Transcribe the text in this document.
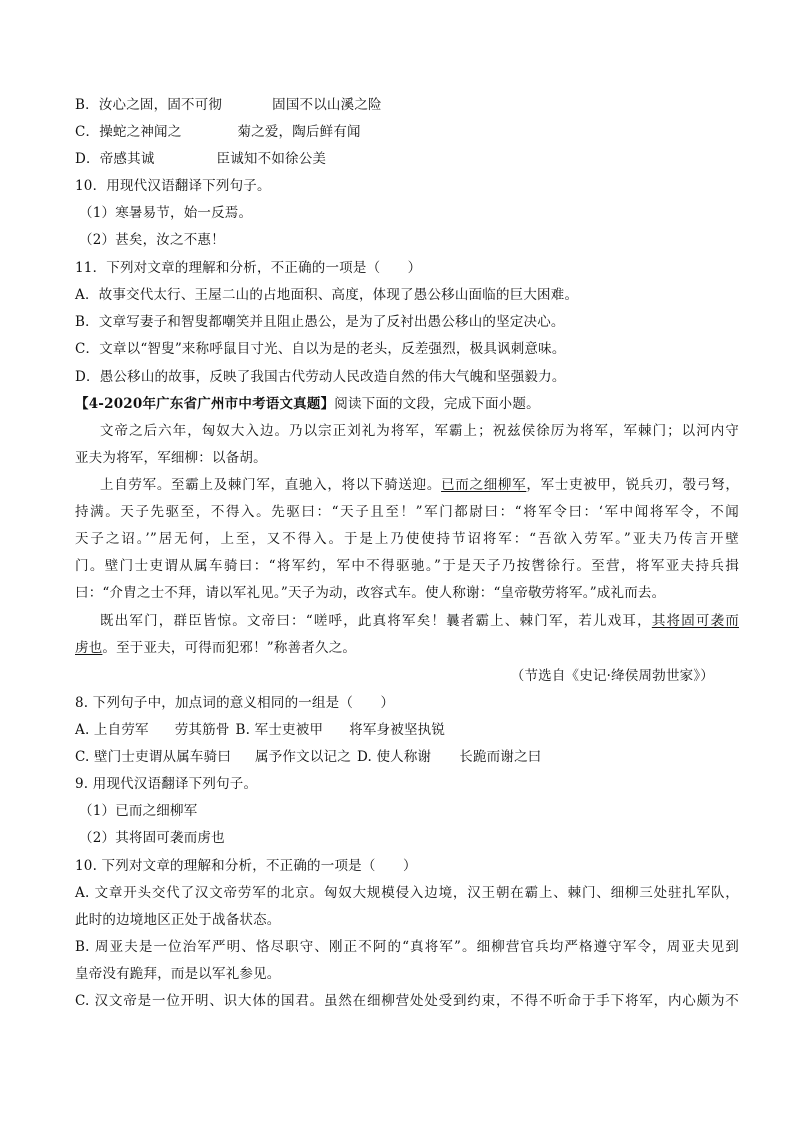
B．汝心之固，固不可彻	固国不以山溪之险
C．操蛇之神闻之	菊之爱，陶后鲜有闻
D．帝感其诚	臣诚知不如徐公美
10．用现代汉语翻译下列句子。
（1）寒暑易节，始一反焉。
（2）甚矣，汝之不惠！
11．下列对文章的理解和分析，不正确的一项是（　　）
A．故事交代太行、王屋二山的占地面积、高度，体现了愚公移山面临的巨大困难。
B．文章写妻子和智叟都嘲笑并且阻止愚公，是为了反衬出愚公移山的坚定决心。
C．文章以“智叟”来称呼鼠目寸光、自以为是的老头，反差强烈，极具讽刺意味。
D．愚公移山的故事，反映了我国古代劳动人民改造自然的伟大气魄和坚强毅力。
【4-2020年广东省广州市中考语文真题】阅读下面的文段，完成下面小题。
文帝之后六年，匈奴大入边。乃以宗正刘礼为将军，军霸上；祝兹侯徐厉为将军，军棘门；以河内守
亚夫为将军，军细柳：以备胡。
上自劳军。至霸上及棘门军，直驰入，将以下骑送迎。已而之细柳军，军士吏被甲，锐兵刃，彀弓弩，
持满。天子先驱至，不得入。先驱曰：“天子且至！”军门都尉曰：“将军令曰：‘军中闻将军令，不闻
天子之诏。’”居无何，上至，又不得入。于是上乃使使持节诏将军：“吾欲入劳军。”亚夫乃传言开壁
门。壁门士吏谓从属车骑曰：“将军约，军中不得驱驰。”于是天子乃按辔徐行。至营，将军亚夫持兵揖
曰：“介胄之士不拜，请以军礼见。”天子为动，改容式车。使人称谢：“皇帝敬劳将军。”成礼而去。
既出军门，群臣皆惊。文帝曰：“嗟呼，此真将军矣！曩者霸上、棘门军，若儿戏耳，其将固可袭而
虏也。至于亚夫，可得而犯邪！”称善者久之。
（节选自《史记·绛侯周勃世家》）
8. 下列句子中，加点词的意义相同的一组是（　　）
A. 上自劳军 劳其筋骨 B. 军士吏被甲 将军身被坚执锐
C. 壁门士吏谓从属车骑曰 属予作文以记之 D. 使人称谢 长跪而谢之曰
9. 用现代汉语翻译下列句子。
（1）已而之细柳军
（2）其将固可袭而虏也
10. 下列对文章的理解和分析，不正确的一项是（　　）
A. 文章开头交代了汉文帝劳军的北京。匈奴大规模侵入边境，汉王朝在霸上、棘门、细柳三处驻扎军队，
此时的边境地区正处于战备状态。
B. 周亚夫是一位治军严明、恪尽职守、刚正不阿的“真将军”。细柳营官兵均严格遵守军令，周亚夫见到
皇帝没有跪拜，而是以军礼参见。
C. 汉文帝是一位开明、识大体的国君。虽然在细柳营处处受到约束，不得不听命于手下将军，内心颇为不
